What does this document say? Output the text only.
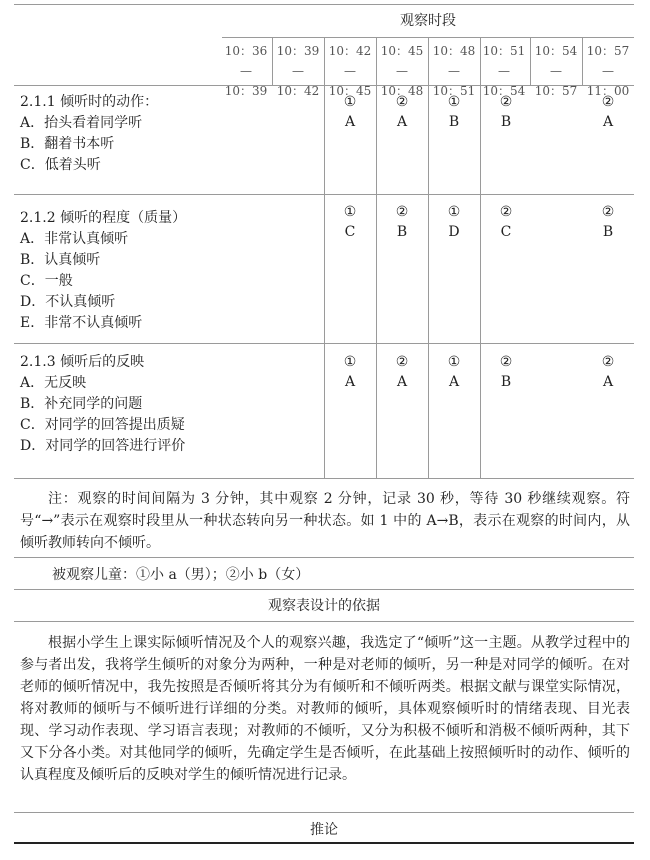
观察时段
10：36—
10：39
10：39—
10：42
10：42—
10：45
10：45—
10：48
10：48—
10：51
10：51—
10：54
10：54—
10：57
10：57—
11：00
2.1.1 倾听时的动作：
A．抬头看着同学听
B．翻着书本听
C．低着头听
①
A
②
A
①
B
②
B
②
A
2.1.2 倾听的程度（质量）
A．非常认真倾听
B．认真倾听
C．一般
D．不认真倾听
E．非常不认真倾听
①
C
②
B
①
D
②
C
②
B
2.1.3 倾听后的反映
A．无反映
B．补充同学的问题
C．对同学的回答提出质疑
D．对同学的回答进行评价
①
A
②
A
①
A
②
B
②
A
注：观察的时间间隔为 3 分钟，其中观察 2 分钟，记录 30 秒，等待 30 秒继续观察。符号“→”表示在观察时段里从一种状态转向另一种状态。如 1 中的 A→B，表示在观察的时间内，从倾听教师转向不倾听。
被观察儿童：①小 a（男）；②小 b（女）
观察表设计的依据
根据小学生上课实际倾听情况及个人的观察兴趣，我选定了“倾听”这一主题。从教学过程中的参与者出发，我将学生倾听的对象分为两种，一种是对老师的倾听，另一种是对同学的倾听。在对老师的倾听情况中，我先按照是否倾听将其分为有倾听和不倾听两类。根据文献与课堂实际情况，将对教师的倾听与不倾听进行详细的分类。对教师的倾听，具体观察倾听时的情绪表现、目光表现、学习动作表现、学习语言表现；对教师的不倾听，又分为积极不倾听和消极不倾听两种，其下又下分各小类。对其他同学的倾听，先确定学生是否倾听，在此基础上按照倾听时的动作、倾听的认真程度及倾听后的反映对学生的倾听情况进行记录。
推论
